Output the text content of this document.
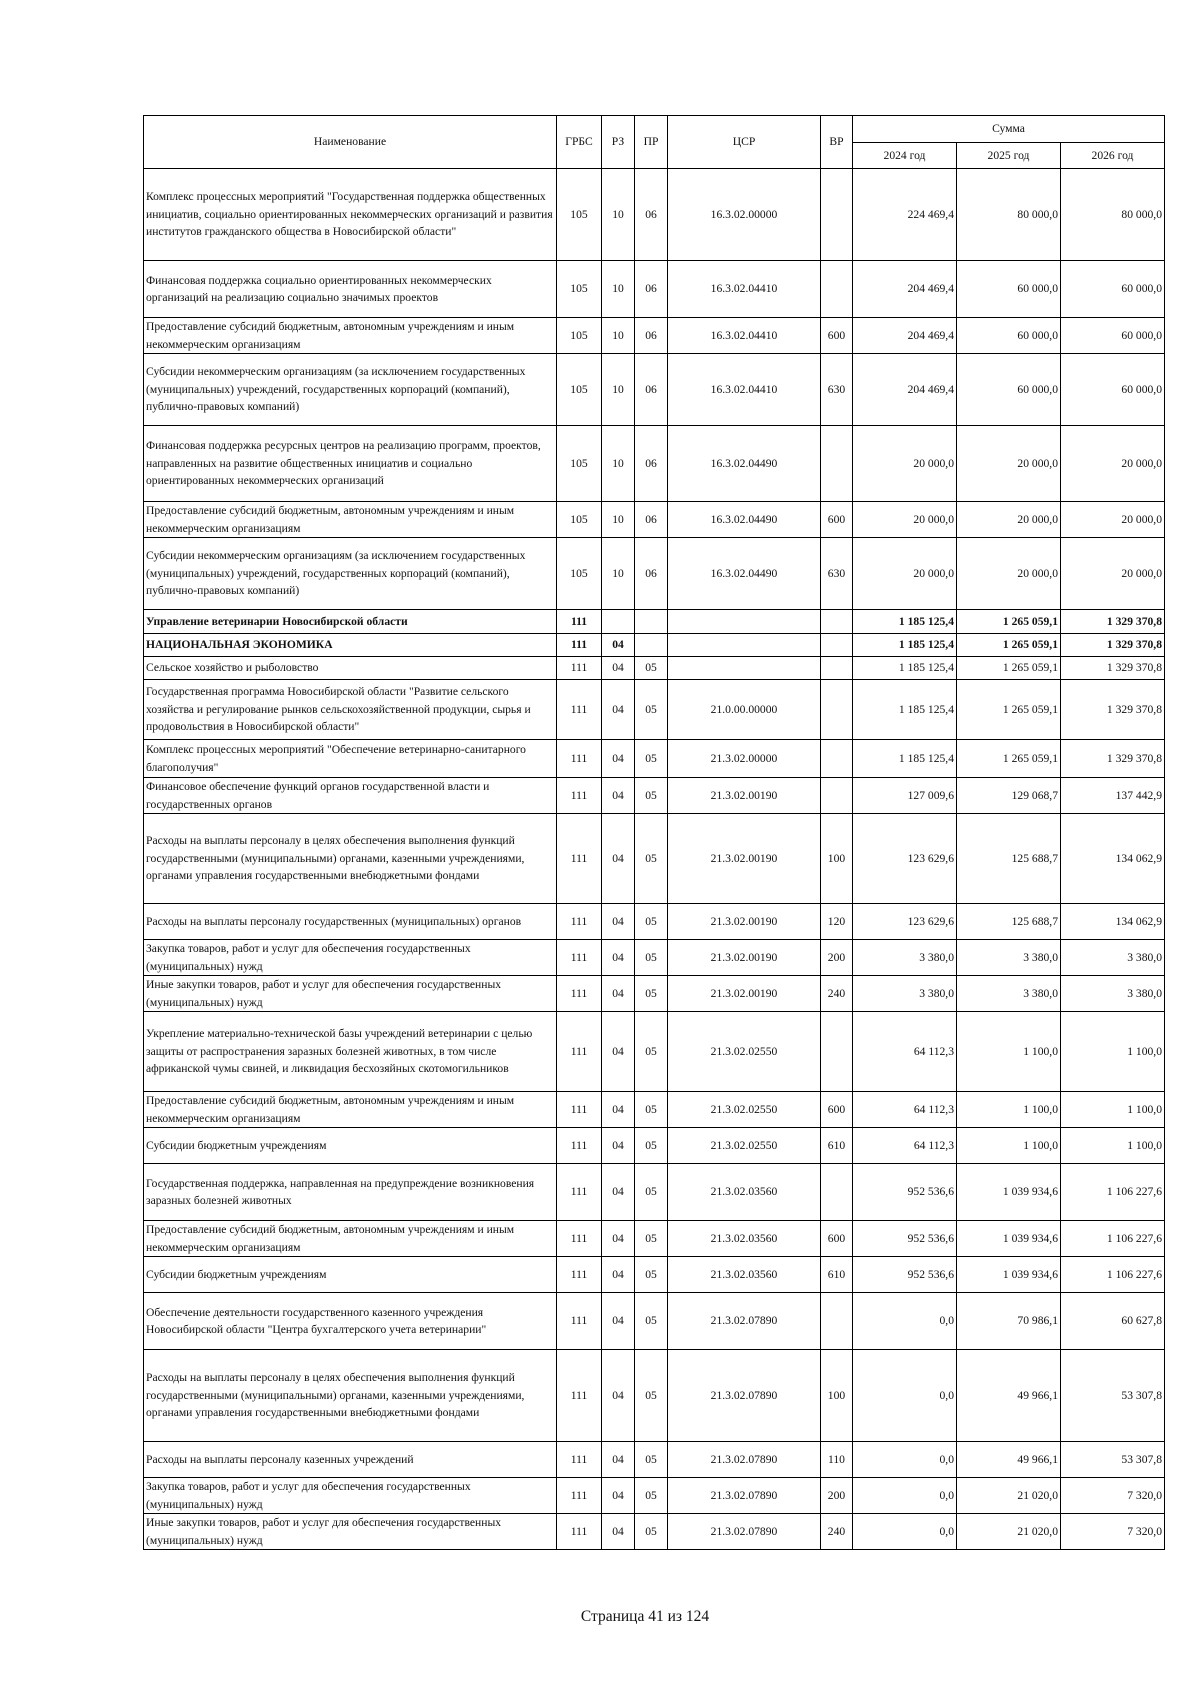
Наименование	ГРБС	РЗ	ПР	ЦСР	ВР	Сумма		
						2024 год	2025 год	2026 год
Комплекс процессных мероприятий "Государственная поддержка общественных инициатив, социально ориентированных некоммерческих организаций и развития институтов гражданского общества в Новосибирской области"	105	10	06	16.3.02.00000		224 469,4	80 000,0	80 000,0
Финансовая поддержка социально ориентированных некоммерческих организаций на реализацию социально значимых проектов	105	10	06	16.3.02.04410		204 469,4	60 000,0	60 000,0
Предоставление субсидий бюджетным, автономным учреждениям и иным некоммерческим организациям	105	10	06	16.3.02.04410	600	204 469,4	60 000,0	60 000,0
Субсидии некоммерческим организациям (за исключением государственных (муниципальных) учреждений, государственных корпораций (компаний), публично-правовых компаний)	105	10	06	16.3.02.04410	630	204 469,4	60 000,0	60 000,0
Финансовая поддержка ресурсных центров на реализацию программ, проектов, направленных на развитие общественных инициатив и социально ориентированных некоммерческих организаций	105	10	06	16.3.02.04490		20 000,0	20 000,0	20 000,0
Предоставление субсидий бюджетным, автономным учреждениям и иным некоммерческим организациям	105	10	06	16.3.02.04490	600	20 000,0	20 000,0	20 000,0
Субсидии некоммерческим организациям (за исключением государственных (муниципальных) учреждений, государственных корпораций (компаний), публично-правовых компаний)	105	10	06	16.3.02.04490	630	20 000,0	20 000,0	20 000,0
Управление ветеринарии Новосибирской области	111					1 185 125,4	1 265 059,1	1 329 370,8
НАЦИОНАЛЬНАЯ ЭКОНОМИКА	111	04				1 185 125,4	1 265 059,1	1 329 370,8
Сельское хозяйство и рыболовство	111	04	05			1 185 125,4	1 265 059,1	1 329 370,8
Государственная программа Новосибирской области "Развитие сельского хозяйства и регулирование рынков сельскохозяйственной продукции, сырья и продовольствия в Новосибирской области"	111	04	05	21.0.00.00000		1 185 125,4	1 265 059,1	1 329 370,8
Комплекс процессных мероприятий "Обеспечение ветеринарно-санитарного благополучия"	111	04	05	21.3.02.00000		1 185 125,4	1 265 059,1	1 329 370,8
Финансовое обеспечение функций органов государственной власти и государственных органов	111	04	05	21.3.02.00190		127 009,6	129 068,7	137 442,9
Расходы на выплаты персоналу в целях обеспечения выполнения функций государственными (муниципальными) органами, казенными учреждениями, органами управления государственными внебюджетными фондами	111	04	05	21.3.02.00190	100	123 629,6	125 688,7	134 062,9
Расходы на выплаты персоналу государственных (муниципальных) органов	111	04	05	21.3.02.00190	120	123 629,6	125 688,7	134 062,9
Закупка товаров, работ и услуг для обеспечения государственных (муниципальных) нужд	111	04	05	21.3.02.00190	200	3 380,0	3 380,0	3 380,0
Иные закупки товаров, работ и услуг для обеспечения государственных (муниципальных) нужд	111	04	05	21.3.02.00190	240	3 380,0	3 380,0	3 380,0
Укрепление материально-технической базы учреждений ветеринарии с целью защиты от распространения заразных болезней животных, в том числе африканской чумы свиней, и ликвидация бесхозяйных скотомогильников	111	04	05	21.3.02.02550		64 112,3	1 100,0	1 100,0
Предоставление субсидий бюджетным, автономным учреждениям и иным некоммерческим организациям	111	04	05	21.3.02.02550	600	64 112,3	1 100,0	1 100,0
Субсидии бюджетным учреждениям	111	04	05	21.3.02.02550	610	64 112,3	1 100,0	1 100,0
Государственная поддержка, направленная на предупреждение возникновения заразных болезней животных	111	04	05	21.3.02.03560		952 536,6	1 039 934,6	1 106 227,6
Предоставление субсидий бюджетным, автономным учреждениям и иным некоммерческим организациям	111	04	05	21.3.02.03560	600	952 536,6	1 039 934,6	1 106 227,6
Субсидии бюджетным учреждениям	111	04	05	21.3.02.03560	610	952 536,6	1 039 934,6	1 106 227,6
Обеспечение деятельности государственного казенного учреждения Новосибирской области "Центра бухгалтерского учета ветеринарии"	111	04	05	21.3.02.07890		0,0	70 986,1	60 627,8
Расходы на выплаты персоналу в целях обеспечения выполнения функций государственными (муниципальными) органами, казенными учреждениями, органами управления государственными внебюджетными фондами	111	04	05	21.3.02.07890	100	0,0	49 966,1	53 307,8
Расходы на выплаты персоналу казенных учреждений	111	04	05	21.3.02.07890	110	0,0	49 966,1	53 307,8
Закупка товаров, работ и услуг для обеспечения государственных (муниципальных) нужд	111	04	05	21.3.02.07890	200	0,0	21 020,0	7 320,0
Иные закупки товаров, работ и услуг для обеспечения государственных (муниципальных) нужд	111	04	05	21.3.02.07890	240	0,0	21 020,0	7 320,0
Страница 41 из 124
